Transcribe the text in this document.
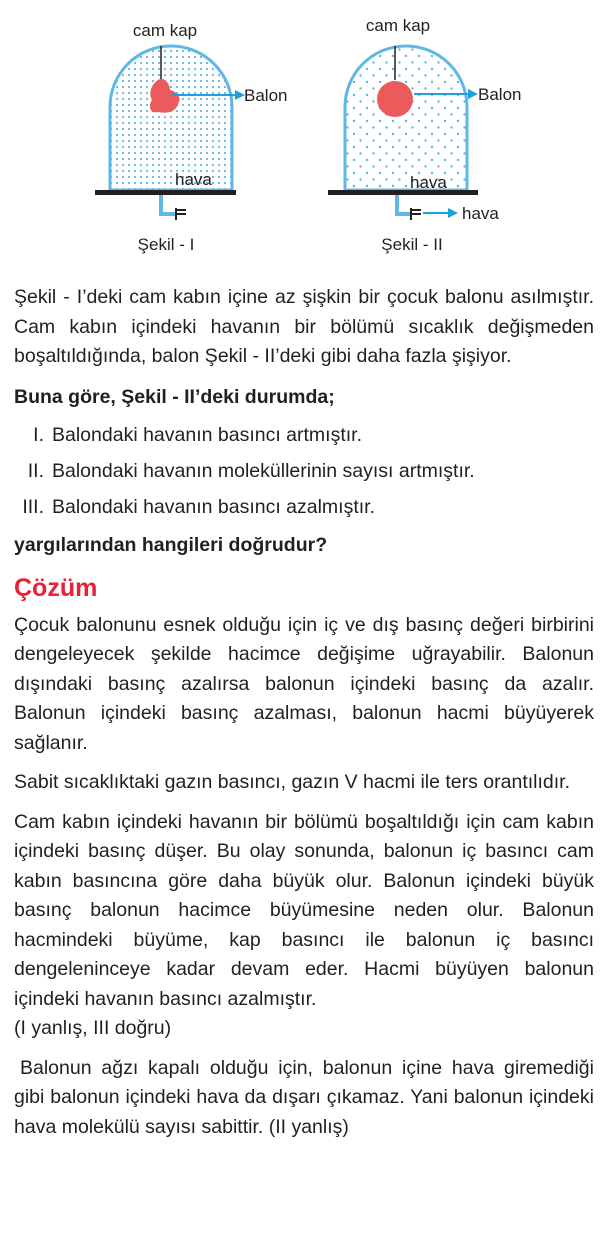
cam kap
Balon
hava
Şekil - I
cam kap
Balon
hava
hava
Şekil - II

Şekil - I’deki cam kabın içine az şişkin bir çocuk balonu asılmıştır. Cam kabın içindeki havanın bir bölümü sıcaklık değişmeden boşaltıldığında, balon Şekil - II’deki gibi daha fazla şişiyor.

Buna göre, Şekil - II’deki durumda;

I. Balondaki havanın basıncı artmıştır.
II. Balondaki havanın moleküllerinin sayısı artmıştır.
III. Balondaki havanın basıncı azalmıştır.

yargılarından hangileri doğrudur?

Çözüm

Çocuk balonunu esnek olduğu için iç ve dış basınç değeri birbirini dengeleyecek şekilde hacimce değişime uğrayabilir. Balonun dışındaki basınç azalırsa balonun içindeki basınç da azalır. Balonun içindeki basınç azalması, balonun hacmi büyüyerek sağlanır.

Sabit sıcaklıktaki gazın basıncı, gazın V hacmi ile ters orantılıdır.

Cam kabın içindeki havanın bir bölümü boşaltıldığı için cam kabın içindeki basınç düşer. Bu olay sonunda, balonun iç basıncı cam kabın basıncına göre daha büyük olur. Balonun içindeki büyük basınç balonun hacimce büyümesine neden olur. Balonun hacmindeki büyüme, kap basıncı ile balonun iç basıncı dengeleninceye kadar devam eder. Hacmi büyüyen balonun içindeki havanın basıncı azalmıştır.

(I yanlış, III doğru)

Balonun ağzı kapalı olduğu için, balonun içine hava giremediği gibi balonun içindeki hava da dışarı çıkamaz. Yani balonun içindeki hava molekülü sayısı sabittir. (II yanlış)
